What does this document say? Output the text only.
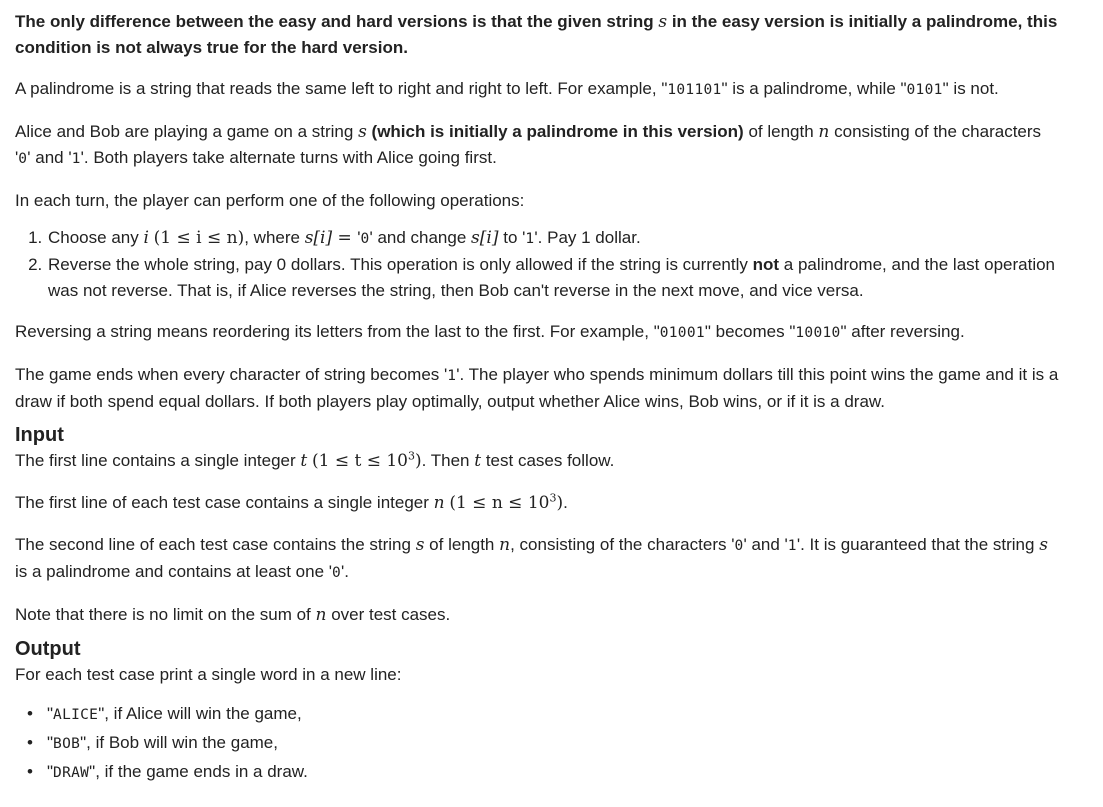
The only difference between the easy and hard versions is that the given string s in the easy version is initially a palindrome, this condition is not always true for the hard version.

A palindrome is a string that reads the same left to right and right to left. For example, "101101" is a palindrome, while "0101" is not.

Alice and Bob are playing a game on a string s (which is initially a palindrome in this version) of length n consisting of the characters
'0' and '1'. Both players take alternate turns with Alice going first.

In each turn, the player can perform one of the following operations:

1. Choose any i (1 ≤ i ≤ n), where s[i] = '0' and change s[i] to '1'. Pay 1 dollar.
2. Reverse the whole string, pay 0 dollars. This operation is only allowed if the string is currently not a palindrome, and the last operation was not reverse. That is, if Alice reverses the string, then Bob can't reverse in the next move, and vice versa.

Reversing a string means reordering its letters from the last to the first. For example, "01001" becomes "10010" after reversing.

The game ends when every character of string becomes '1'. The player who spends minimum dollars till this point wins the game and it is a draw if both spend equal dollars. If both players play optimally, output whether Alice wins, Bob wins, or if it is a draw.

Input

The first line contains a single integer t $(1 \le t \le 10^3)$. Then t test cases follow.

The first line of each test case contains a single integer n $(1 \le n \le 10^3)$.

The second line of each test case contains the string s of length n, consisting of the characters '0' and '1'. It is guaranteed that the string s
is a palindrome and contains at least one '0'.

Note that there is no limit on the sum of n over test cases.

Output

For each test case print a single word in a new line:

• "ALICE", if Alice will win the game,
• "BOB", if Bob will win the game,
• "DRAW", if the game ends in a draw.
